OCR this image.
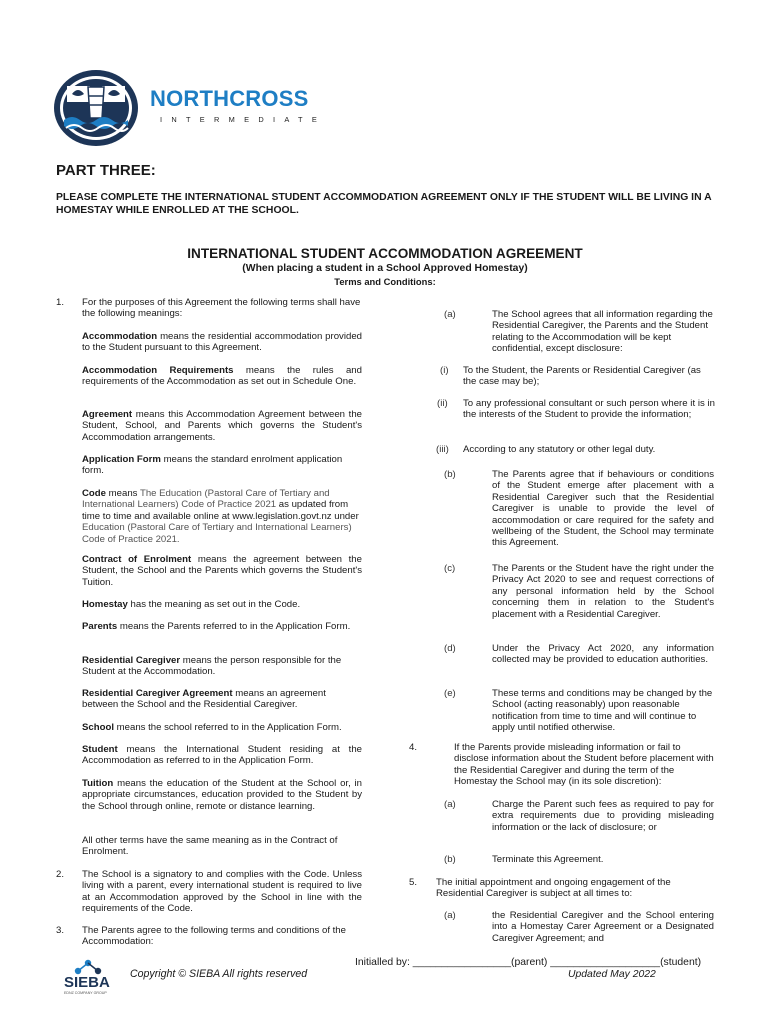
NORTHCROSS
INTERMEDIATE
PART THREE:
PLEASE COMPLETE THE INTERNATIONAL STUDENT ACCOMMODATION AGREEMENT ONLY IF THE STUDENT WILL BE LIVING IN A HOMESTAY WHILE ENROLLED AT THE SCHOOL.
INTERNATIONAL STUDENT ACCOMMODATION AGREEMENT
(When placing a student in a School Approved Homestay)
Terms and Conditions:
1. For the purposes of this Agreement the following terms shall have the following meanings:
Accommodation means the residential accommodation provided to the Student pursuant to this Agreement.
Accommodation Requirements means the rules and requirements of the Accommodation as set out in Schedule One.
Agreement means this Accommodation Agreement between the Student, School, and Parents which governs the Student's Accommodation arrangements.
Application Form means the standard enrolment application form.
Code means The Education (Pastoral Care of Tertiary and International Learners) Code of Practice 2021 as updated from time to time and available online at www.legislation.govt.nz under Education (Pastoral Care of Tertiary and International Learners) Code of Practice 2021.
Contract of Enrolment means the agreement between the Student, the School and the Parents which governs the Student's Tuition.
Homestay has the meaning as set out in the Code.
Parents means the Parents referred to in the Application Form.
Residential Caregiver means the person responsible for the Student at the Accommodation.
Residential Caregiver Agreement means an agreement between the School and the Residential Caregiver.
School means the school referred to in the Application Form.
Student means the International Student residing at the Accommodation as referred to in the Application Form.
Tuition means the education of the Student at the School or, in appropriate circumstances, education provided to the Student by the School through online, remote or distance learning.
All other terms have the same meaning as in the Contract of Enrolment.
2. The School is a signatory to and complies with the Code. Unless living with a parent, every international student is required to live at an Accommodation approved by the School in line with the requirements of the Code.
3. The Parents agree to the following terms and conditions of the Accommodation:
(a)	The School agrees that all information regarding the Residential Caregiver, the Parents and the Student relating to the Accommodation will be kept confidential, except disclosure:
(i) To the Student, the Parents or Residential Caregiver (as the case may be);
(ii) To any professional consultant or such person where it is in the interests of the Student to provide the information;
(iii) According to any statutory or other legal duty.
(b)	The Parents agree that if behaviours or conditions of the Student emerge after placement with a Residential Caregiver such that the Residential Caregiver is unable to provide the level of accommodation or care required for the safety and wellbeing of the Student, the School may terminate this Agreement.
(c)	The Parents or the Student have the right under the Privacy Act 2020 to see and request corrections of any personal information held by the School concerning them in relation to the Student's placement with a Residential Caregiver.
(d)	Under the Privacy Act 2020, any information collected may be provided to education authorities.
(e)	These terms and conditions may be changed by the School (acting reasonably) upon reasonable notification from time to time and will continue to apply until notified otherwise.
4.	If the Parents provide misleading information or fail to disclose information about the Student before placement with the Residential Caregiver and during the term of the Homestay the School may (in its sole discretion):
(a)	Charge the Parent such fees as required to pay for extra requirements due to providing misleading information or the lack of disclosure; or
(b)	Terminate this Agreement.
5. The initial appointment and ongoing engagement of the Residential Caregiver is subject at all times to:
(a)	the Residential Caregiver and the School entering into a Homestay Carer Agreement or a Designated Caregiver Agreement; and
SIEBA
EDNZ COMPANY GROUP
Copyright © SIEBA All rights reserved
Initialled by: _________________(parent) ___________________(student)
Updated May 2022
